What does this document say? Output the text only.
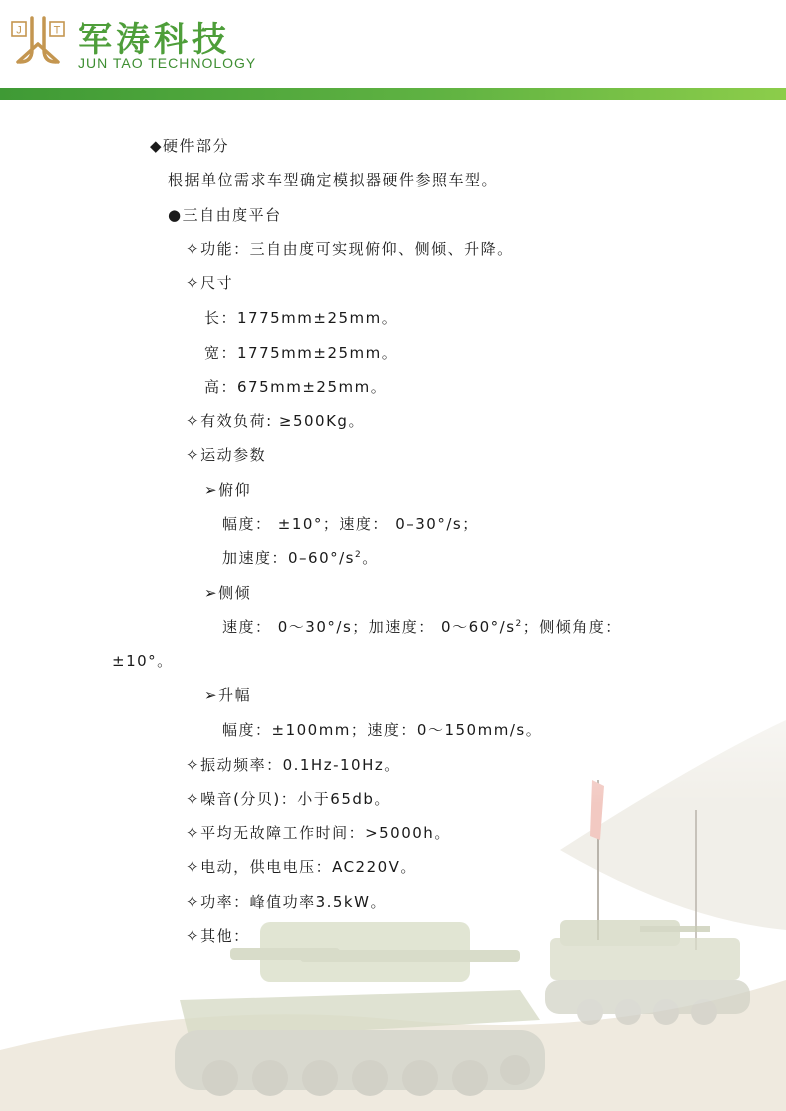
J	T 军涛科技
JUN TAO TECHNOLOGY
◆硬件部分
根据单位需求车型确定模拟器硬件参照车型。
●三自由度平台
✧功能：三自由度可实现俯仰、侧倾、升降。
✧尺寸
长：1775mm±25mm。
宽：1775mm±25mm。
高：675mm±25mm。
✧有效负荷: ≥500Kg。
✧运动参数
➢俯仰
幅度： ±10°；速度： 0–30°/s；
加速度：$0-60^\circ/s^2$。
➢侧倾
速度： 0～30°/s；加速度： $0\sim 60^\circ/s^2$；侧倾角度：
±10°。
➢升幅
幅度：±100mm；速度：0～150mm/s。
✧振动频率：0.1Hz-10Hz。
✧噪音(分贝)：小于65db。
✧平均无故障工作时间：>5000h。
✧电动，供电电压：AC220V。
✧功率：峰值功率3.5kW。
✧其他：
